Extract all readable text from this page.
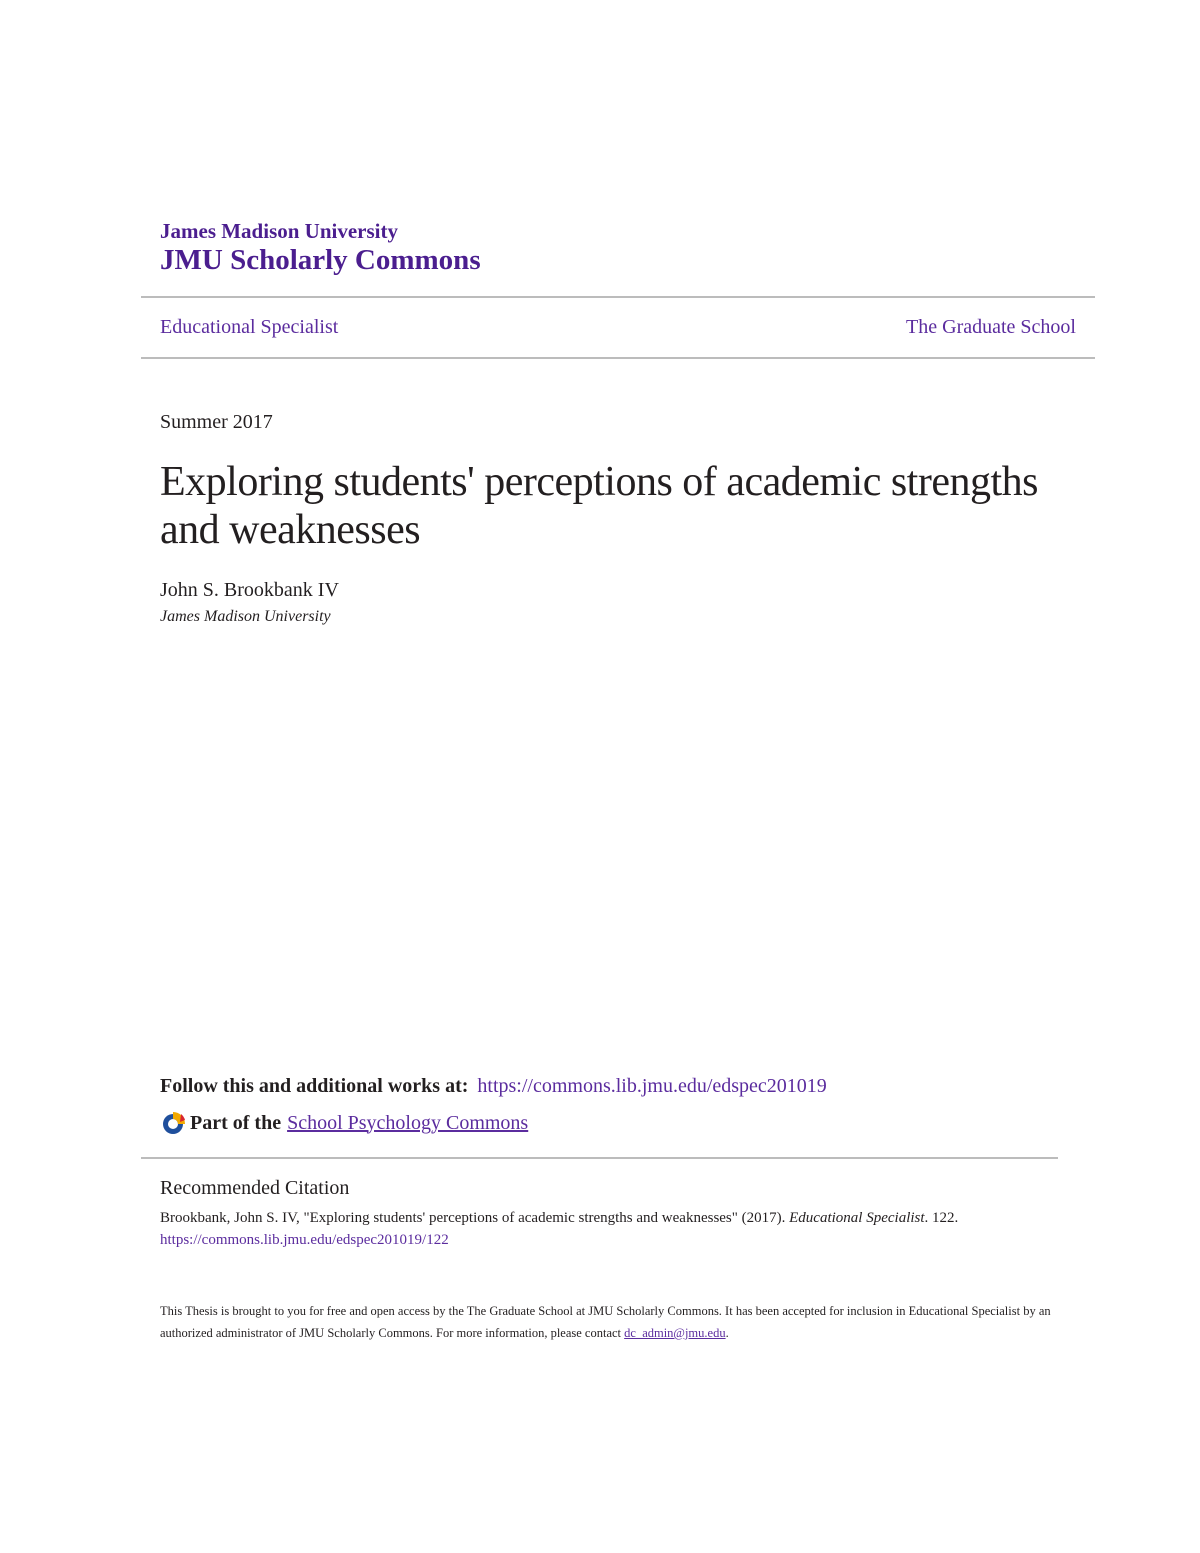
James Madison University
JMU Scholarly Commons
Educational Specialist	The Graduate School
Summer 2017
Exploring students' perceptions of academic strengths and weaknesses
John S. Brookbank IV
James Madison University
Follow this and additional works at: https://commons.lib.jmu.edu/edspec201019
Part of the School Psychology Commons
Recommended Citation
Brookbank, John S. IV, "Exploring students' perceptions of academic strengths and weaknesses" (2017). Educational Specialist. 122.
https://commons.lib.jmu.edu/edspec201019/122
This Thesis is brought to you for free and open access by the The Graduate School at JMU Scholarly Commons. It has been accepted for inclusion in Educational Specialist by an authorized administrator of JMU Scholarly Commons. For more information, please contact dc_admin@jmu.edu.
